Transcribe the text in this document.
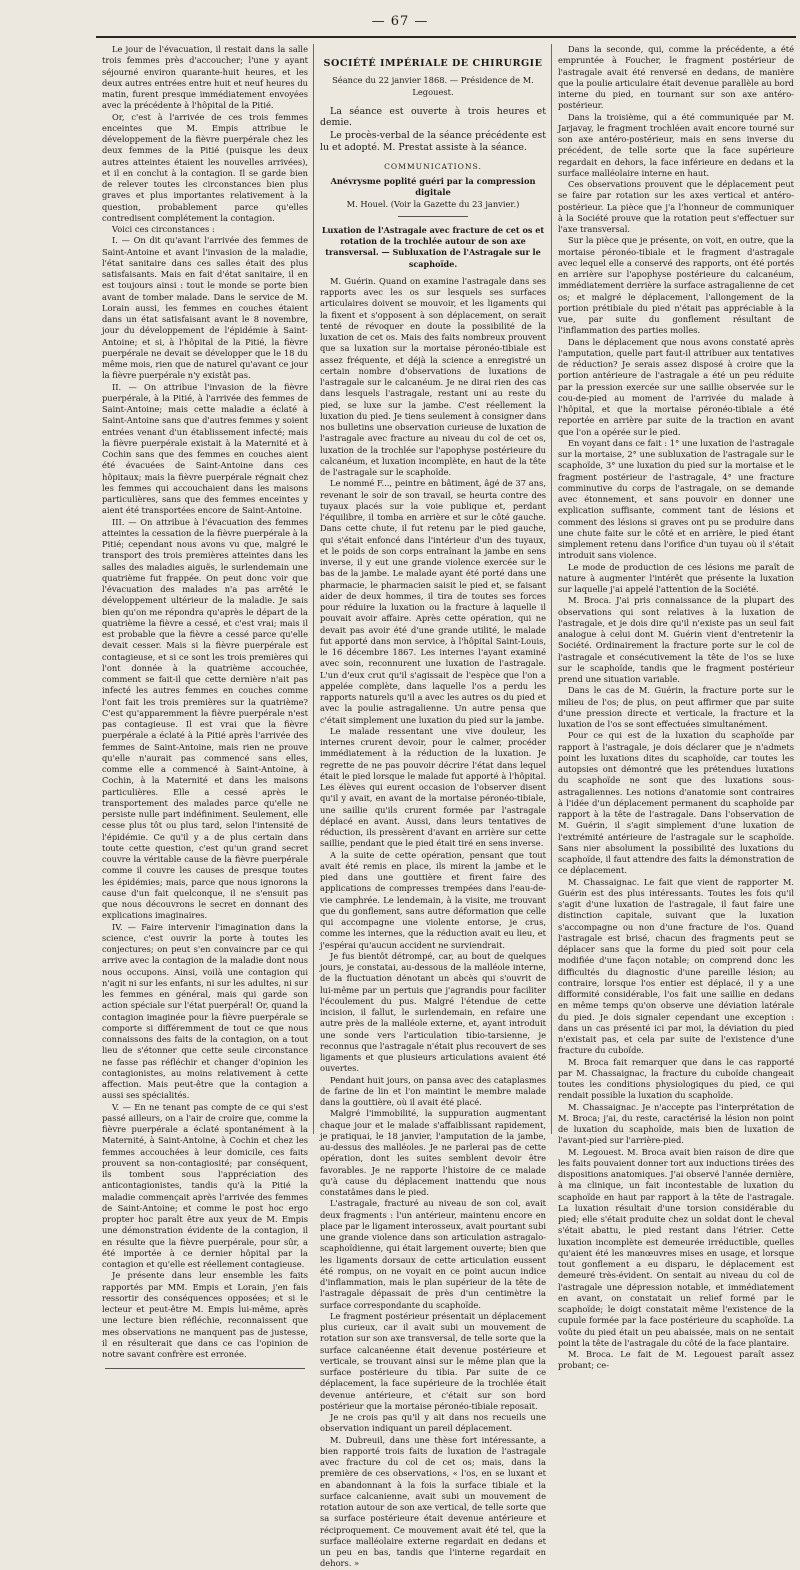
— 67 —

Le jour de l'évacuation, il restait dans la salle trois femmes près d'accoucher; l'une y ayant séjourné environ quarante-huit heures, et les deux autres entrées entre huit et neuf heures du matin, furent presque immédiatement envoyées avec la précédente à l'hôpital de la Pitié.

Or, c'est à l'arrivée de ces trois femmes enceintes que M. Empis attribue le développement de la fièvre puerpérale chez les deux femmes de la Pitié (puisque les deux autres atteintes étaient les nouvelles arrivées), et il en conclut à la contagion. Il se garde bien de relever toutes les circonstances bien plus graves et plus importantes relativement à la question, probablement parce qu'elles contredisent complétement la contagion.

Voici ces circonstances :

I. — On dit qu'avant l'arrivée des femmes de Saint-Antoine et avant l'invasion de la maladie, l'état sanitaire dans ces salles était des plus satisfaisants. Mais en fait d'état sanitaire, il en est toujours ainsi : tout le monde se porte bien avant de tomber malade. Dans le service de M. Lorain aussi, les femmes en couches étaient dans un état satisfaisant avant le 8 novembre, jour du développement de l'épidémie à Saint-Antoine; et si, à l'hôpital de la Pitié, la fièvre puerpérale ne devait se développer que le 18 du même mois, rien que de naturel qu'avant ce jour la fièvre puerpérale n'y existât pas.

II. — On attribue l'invasion de la fièvre puerpérale, à la Pitié, à l'arrivée des femmes de Saint-Antoine; mais cette maladie a éclaté à Saint-Antoine sans que d'autres femmes y soient entrées venant d'un établissement infecté; mais la fièvre puerpérale existait à la Maternité et à Cochin sans que des femmes en couches aient été évacuées de Saint-Antoine dans ces hôpitaux; mais la fièvre puerpérale régnait chez les femmes qui accouchaient dans les maisons particulières, sans que des femmes enceintes y aient été transportées encore de Saint-Antoine.

III. — On attribue à l'évacuation des femmes atteintes la cessation de la fièvre puerpérale à la Pitié; cependant nous avons vu que, malgré le transport des trois premières atteintes dans les salles des maladies aiguës, le surlendemain une quatrième fut frappée. On peut donc voir que l'évacuation des malades n'a pas arrêté le développement ultérieur de la maladie. Je sais bien qu'on me répondra qu'après le départ de la quatrième la fièvre a cessé, et c'est vrai; mais il est probable que la fièvre a cessé parce qu'elle devait cesser. Mais si la fièvre puerpérale est contagieuse, et si ce sont les trois premières qui l'ont donnée à la quatrième accouchée, comment se fait-il que cette dernière n'ait pas infecté les autres femmes en couches comme l'ont fait les trois premières sur la quatrième? C'est qu'apparemment la fièvre puerpérale n'est pas contagieuse. Il est vrai que la fièvre puerpérale a éclaté à la Pitié après l'arrivée des femmes de Saint-Antoine, mais rien ne prouve qu'elle n'aurait pas commencé sans elles, comme elle a commencé à Saint-Antoine, à Cochin, à la Maternité et dans les maisons particulières. Elle a cessé après le transportement des malades parce qu'elle ne persiste nulle part indéfiniment. Seulement, elle cesse plus tôt ou plus tard, selon l'intensité de l'épidémie. Ce qu'il y a de plus certain dans toute cette question, c'est qu'un grand secret couvre la véritable cause de la fièvre puerpérale comme il couvre les causes de presque toutes les épidémies; mais, parce que nous ignorons la cause d'un fait quelconque, il ne s'ensuit pas que nous découvrons le secret en donnant des explications imaginaires.

IV. — Faire intervenir l'imagination dans la science, c'est ouvrir la porte à toutes les conjectures; on peut s'en convaincre par ce qui arrive avec la contagion de la maladie dont nous nous occupons. Ainsi, voilà une contagion qui n'agit ni sur les enfants, ni sur les adultes, ni sur les femmes en général, mais qui garde son action spéciale sur l'état puerpéral! Or, quand la contagion imaginée pour la fièvre puerpérale se comporte si différemment de tout ce que nous connaissons des faits de la contagion, on a tout lieu de s'étonner que cette seule circonstance ne fasse pas réfléchir et changer d'opinion les contagionistes, au moins relativement à cette affection. Mais peut-être que la contagion a aussi ses spécialités.

V. — En ne tenant pas compte de ce qui s'est passé ailleurs, on a l'air de croire que, comme la fièvre puerpérale a éclaté spontanément à la Maternité, à Saint-Antoine, à Cochin et chez les femmes accouchées à leur domicile, ces faits prouvent sa non-contagiosité; par conséquent, ils tombent sous l'appréciation des anticontagionistes, tandis qu'à la Pitié la maladie commençait après l'arrivée des femmes de Saint-Antoine; et comme le post hoc ergo propter hoc paraît être aux yeux de M. Empis une démonstration évidente de la contagion, il en résulte que la fièvre puerpérale, pour sûr, a été importée à ce dernier hôpital par la contagion et qu'elle est réellement contagieuse.

Je présente dans leur ensemble les faits rapportés par MM. Empis et Lorain, j'en fais ressortir des conséquences opposées; et si le lecteur et peut-être M. Empis lui-même, après une lecture bien réfléchie, reconnaissent que mes observations ne manquent pas de justesse, il en résulterait que dans ce cas l'opinion de notre savant confrère est erronée.

SOCIÉTÉ IMPÉRIALE DE CHIRURGIE

Séance du 22 janvier 1868. — Présidence de M. Legouest.

La séance est ouverte à trois heures et demie.

Le procès-verbal de la séance précédente est lu et adopté. M. Prestat assiste à la séance.

COMMUNICATIONS.

Anévrysme poplité guéri par la compression digitale

M. Houel. (Voir la Gazette du 23 janvier.)

Luxation de l'Astragale avec fracture de cet os et rotation de la trochlée autour de son axe transversal. — Subluxation de l'Astragale sur le scaphoïde.

M. Guérin. Quand on examine l'astragale dans ses rapports avec les os sur lesquels ses surfaces articulaires doivent se mouvoir, et les ligaments qui la fixent et s'opposent à son déplacement, on serait tenté de révoquer en doute la possibilité de la luxation de cet os. Mais des faits nombreux prouvent que sa luxation sur la mortaise péronéo-tibiale est assez fréquente, et déjà la science a enregistré un certain nombre d'observations de luxations de l'astragale sur le calcanéum. Je ne dirai rien des cas dans lesquels l'astragale, restant uni au reste du pied, se luxe sur la jambe. C'est réellement la luxation du pied. Je tiens seulement à consigner dans nos bulletins une observation curieuse de luxation de l'astragale avec fracture au niveau du col de cet os, luxation de la trochlée sur l'apophyse postérieure du calcanéum, et luxation incomplète, en haut de la tête de l'astragale sur le scaphoïde.

Le nommé F..., peintre en bâtiment, âgé de 37 ans, revenant le soir de son travail, se heurta contre des tuyaux placés sur la voie publique et, perdant l'équilibre, il tomba en arrière et sur le côté gauche. Dans cette chute, il fut retenu par le pied gauche, qui s'était enfoncé dans l'intérieur d'un des tuyaux, et le poids de son corps entraînant la jambe en sens inverse, il y eut une grande violence exercée sur le bas de la jambe. Le malade ayant été porté dans une pharmacie, le pharmacien saisit le pied et, se faisant aider de deux hommes, il tira de toutes ses forces pour réduire la luxation ou la fracture à laquelle il pouvait avoir affaire. Après cette opération, qui ne devait pas avoir été d'une grande utilité, le malade fut apporté dans mon service, à l'hôpital Saint-Louis, le 16 décembre 1867. Les internes l'ayant examiné avec soin, reconnurent une luxation de l'astragale. L'un d'eux crut qu'il s'agissait de l'espèce que l'on a appelée complète, dans laquelle l'os a perdu les rapports naturels qu'il a avec les autres os du pied et avec la poulie astragalienne. Un autre pensa que c'était simplement une luxation du pied sur la jambe.

Le malade ressentant une vive douleur, les internes crurent devoir, pour le calmer, procéder immédiatement à la réduction de la luxation. Je regrette de ne pas pouvoir décrire l'état dans lequel était le pied lorsque le malade fut apporté à l'hôpital. Les élèves qui eurent occasion de l'observer disent qu'il y avait, en avant de la mortaise péronéo-tibiale, une saillie qu'ils crurent formée par l'astragale déplacé en avant. Aussi, dans leurs tentatives de réduction, ils pressèrent d'avant en arrière sur cette saillie, pendant que le pied était tiré en sens inverse.

A la suite de cette opération, pensant que tout avait été remis en place, ils mirent la jambe et le pied dans une gouttière et firent faire des applications de compresses trempées dans l'eau-de-vie camphrée. Le lendemain, à la visite, me trouvant que du gonflement, sans autre déformation que celle qui accompagne une violente entorse, je crus, comme les internes, que la réduction avait eu lieu, et j'espérai qu'aucun accident ne surviendrait.

Je fus bientôt détrompé, car, au bout de quelques jours, je constatai, au-dessous de la malléole interne, de la fluctuation dénotant un abcès qui s'ouvrit de lui-même par un pertuis que j'agrandis pour faciliter l'écoulement du pus. Malgré l'étendue de cette incision, il fallut, le surlendemain, en refaire une autre près de la malléole externe, et, ayant introduit une sonde vers l'articulation tibio-tarsienne, je reconnus que l'astragale n'était plus recouvert de ses ligaments et que plusieurs articulations avaient été ouvertes.

Pendant huit jours, on pansa avec des cataplasmes de farine de lin et l'on maintint le membre malade dans la gouttière, où il avait été placé.

Malgré l'immobilité, la suppuration augmentant chaque jour et le malade s'affaiblissant rapidement, je pratiquai, le 18 janvier, l'amputation de la jambe, au-dessus des malléoles. Je ne parlerai pas de cette opération, dont les suites semblent devoir être favorables. Je ne rapporte l'histoire de ce malade qu'à cause du déplacement inattendu que nous constatâmes dans le pied.

L'astragale, fracturé au niveau de son col, avait deux fragments : l'un antérieur, maintenu encore en place par le ligament interosseux, avait pourtant subi une grande violence dans son articulation astragalo-scaphoïdienne, qui était largement ouverte; bien que les ligaments dorsaux de cette articulation eussent été rompus, on ne voyait en ce point aucun indice d'inflammation, mais le plan supérieur de la tête de l'astragale dépassait de près d'un centimètre la surface correspondante du scaphoïde.

Le fragment postérieur présentait un déplacement plus curieux, car il avait subi un mouvement de rotation sur son axe transversal, de telle sorte que la surface calcanéenne était devenue postérieure et verticale, se trouvant ainsi sur le même plan que la surface postérieure du tibia. Par suite de ce déplacement, la face supérieure de la trochlée était devenue antérieure, et c'était sur son bord postérieur que la mortaise péronéo-tibiale reposait.

Je ne crois pas qu'il y ait dans nos recueils une observation indiquant un pareil déplacement.

M. Dubreuil, dans une thèse fort intéressante, a bien rapporté trois faits de luxation de l'astragale avec fracture du col de cet os; mais, dans la première de ces observations, « l'os, en se luxant et en abandonnant à la fois la surface tibiale et la surface calcanienne, avait subi un mouvement de rotation autour de son axe vertical, de telle sorte que sa surface postérieure était devenue antérieure et réciproquement. Ce mouvement avait été tel, que la surface malléolaire externe regardait en dedans et un peu en bas, tandis que l'interne regardait en dehors. »

Dans la seconde, qui, comme la précédente, a été empruntée à Foucher, le fragment postérieur de l'astragale avait été renversé en dedans, de manière que la poulie articulaire était devenue parallèle au bord interne du pied, en tournant sur son axe antéro-postérieur.

Dans la troisième, qui a été communiquée par M. Jarjavay, le fragment trochléen avait encore tourné sur son axe antéro-postérieur, mais en sens inverse du précédent, de telle sorte que la face supérieure regardait en dehors, la face inférieure en dedans et la surface malléolaire interne en haut.

Ces observations prouvent que le déplacement peut se faire par rotation sur les axes vertical et antéro-postérieur. La pièce que j'a l'honneur de communiquer à la Société prouve que la rotation peut s'effectuer sur l'axe transversal.

Sur la pièce que je présente, on voit, en outre, que la mortaise péronéo-tibiale et le fragment d'astragale avec lequel elle a conservé des rapports, ont été portés en arrière sur l'apophyse postérieure du calcanéum, immédiatement derrière la surface astragalienne de cet os; et malgré le déplacement, l'allongement de la portion prétibiale du pied n'était pas appréciable à la vue, par suite du gonflement résultant de l'inflammation des parties molles.

Dans le déplacement que nous avons constaté après l'amputation, quelle part faut-il attribuer aux tentatives de réduction? Je serais assez disposé à croire que la portion antérieure de l'astragale a été un peu réduite par la pression exercée sur une saillie observée sur le cou-de-pied au moment de l'arrivée du malade à l'hôpital, et que la mortaise péronéo-tibiale a été reportée en arrière par suite de la traction en avant que l'on a opérée sur le pied.

En voyant dans ce fait : 1° une luxation de l'astragale sur la mortaise, 2° une subluxation de l'astragale sur le scaphoïde, 3° une luxation du pied sur la mortaise et le fragment postérieur de l'astragale, 4° une fracture comminutive du corps de l'astragale, on se demande avec étonnement, et sans pouvoir en donner une explication suffisante, comment tant de lésions et comment des lésions si graves ont pu se produire dans une chute faite sur le côté et en arrière, le pied étant simplement retenu dans l'orifice d'un tuyau où il s'était introduit sans violence.

Le mode de production de ces lésions me paraît de nature à augmenter l'intérêt que présente la luxation sur laquelle j'ai appelé l'attention de la Société.

M. Broca. J'ai pris connaissance de la plupart des observations qui sont relatives à la luxation de l'astragale, et je dois dire qu'il n'existe pas un seul fait analogue à celui dont M. Guérin vient d'entretenir la Société. Ordinairement la fracture porte sur le col de l'astragale et consécutivement la tête de l'os se luxe sur le scaphoïde, tandis que le fragment postérieur prend une situation variable.

Dans le cas de M. Guérin, la fracture porte sur le milieu de l'os; de plus, on peut affirmer que par suite d'une pression directe et verticale, la fracture et la luxation de l'os se sont effectuées simultanément.

Pour ce qui est de la luxation du scaphoïde par rapport à l'astragale, je dois déclarer que je n'admets point les luxations dites du scaphoïde, car toutes les autopsies ont démontré que les prétendues luxations du scaphoïde ne sont que des luxations sous-astragaliennes. Les notions d'anatomie sont contraires à l'idée d'un déplacement permanent du scaphoïde par rapport à la tête de l'astragale. Dans l'observation de M. Guérin, il s'agit simplement d'une luxation de l'extrémité antérieure de l'astragale sur le scaphoïde. Sans nier absolument la possibilité des luxations du scaphoïde, il faut attendre des faits la démonstration de ce déplacement.

M. Chassaignac. Le fait que vient de rapporter M. Guérin est des plus intéressants. Toutes les fois qu'il s'agit d'une luxation de l'astragale, il faut faire une distinction capitale, suivant que la luxation s'accompagne ou non d'une fracture de l'os. Quand l'astragale est brisé, chacun des fragments peut se déplacer sans que la forme du pied soit pour cela modifiée d'une façon notable; on comprend donc les difficultés du diagnostic d'une pareille lésion; au contraire, lorsque l'os entier est déplacé, il y a une difformité considérable, l'os fait une saillie en dedans en même temps qu'on observe une déviation latérale du pied. Je dois signaler cependant une exception : dans un cas présenté ici par moi, la déviation du pied n'existait pas, et cela par suite de l'existence d'une fracture du cuboïde.

M. Broca fait remarquer que dans le cas rapporté par M. Chassaignac, la fracture du cuboïde changeait toutes les conditions physiologiques du pied, ce qui rendait possible la luxation du scaphoïde.

M. Chassaignac. Je n'accepte pas l'interprétation de M. Broca; j'ai, du reste, caractérisé la lésion non point de luxation du scaphoïde, mais bien de luxation de l'avant-pied sur l'arrière-pied.

M. Legouest. M. Broca avait bien raison de dire que les faits pouvaient donner tort aux inductions tirées des dispositions anatomiques. J'ai observé l'année dernière, à ma clinique, un fait incontestable de luxation du scaphoïde en haut par rapport à la tête de l'astragale. La luxation résultait d'une torsion considérable du pied; elle s'était produite chez un soldat dont le cheval s'était abattu, le pied restant dans l'étrier. Cette luxation incomplète est demeurée irréductible, quelles qu'aient été les manœuvres mises en usage, et lorsque tout gonflement a eu disparu, le déplacement est demeuré très-évident. On sentait au niveau du col de l'astragale une dépression notable, et immédiatement en avant, on constatait un relief formé par le scaphoïde; le doigt constatait même l'existence de la cupule formée par la face postérieure du scaphoïde. La voûte du pied était un peu abaissée, mais on ne sentait point la tête de l'astragale du côté de la face plantaire.

M. Broca. Le fait de M. Legouest paraît assez probant; ce-
